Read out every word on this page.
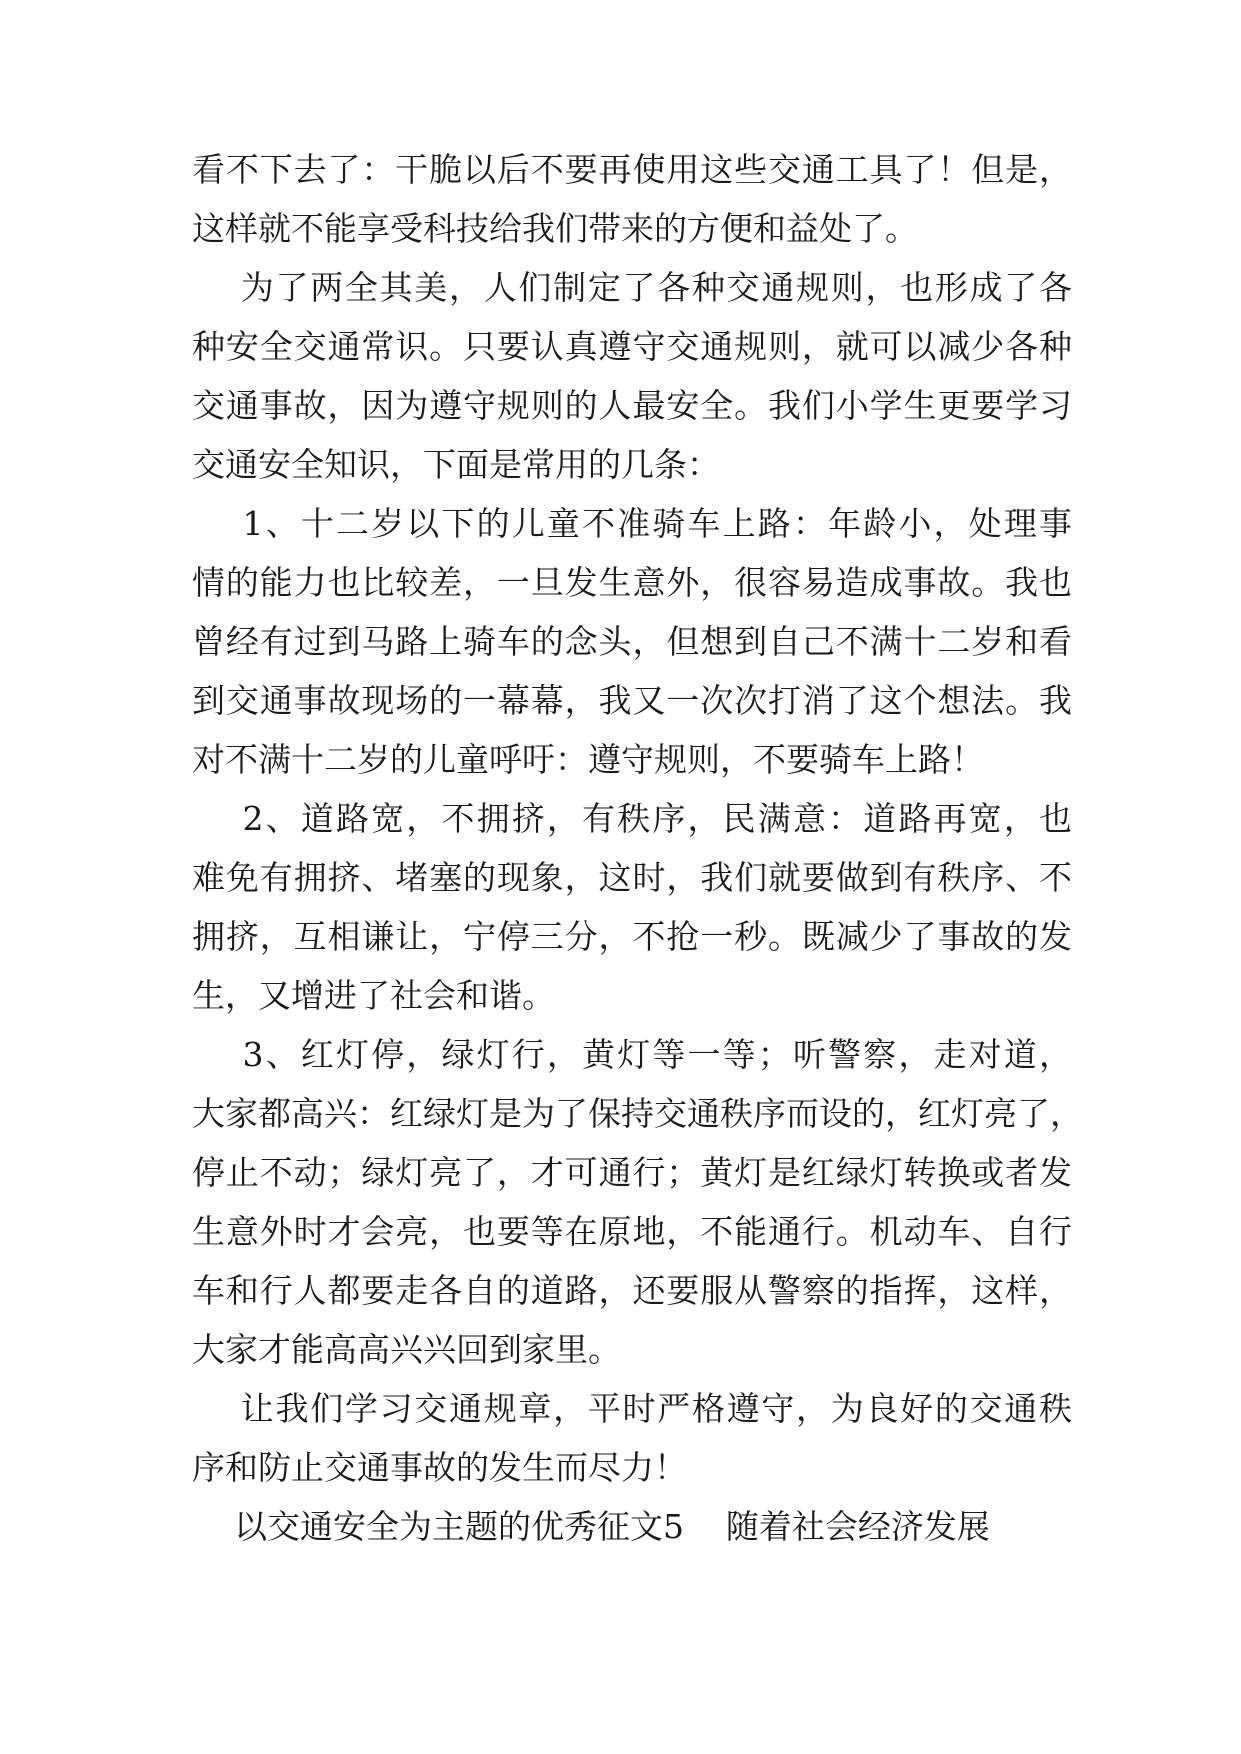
看不下去了：干脆以后不要再使用这些交通工具了！但是，
这样就不能享受科技给我们带来的方便和益处了。
为了两全其美，人们制定了各种交通规则，也形成了各
种安全交通常识。只要认真遵守交通规则，就可以减少各种
交通事故，因为遵守规则的人最安全。我们小学生更要学习
交通安全知识，下面是常用的几条：
1、十二岁以下的儿童不准骑车上路：年龄小，处理事
情的能力也比较差，一旦发生意外，很容易造成事故。我也
曾经有过到马路上骑车的念头，但想到自己不满十二岁和看
到交通事故现场的一幕幕，我又一次次打消了这个想法。我
对不满十二岁的儿童呼吁：遵守规则，不要骑车上路！
2、道路宽，不拥挤，有秩序，民满意：道路再宽，也
难免有拥挤、堵塞的现象，这时，我们就要做到有秩序、不
拥挤，互相谦让，宁停三分，不抢一秒。既减少了事故的发
生，又增进了社会和谐。
3、红灯停，绿灯行，黄灯等一等；听警察，走对道，
大家都高兴：红绿灯是为了保持交通秩序而设的，红灯亮了，
停止不动；绿灯亮了，才可通行；黄灯是红绿灯转换或者发
生意外时才会亮，也要等在原地，不能通行。机动车、自行
车和行人都要走各自的道路，还要服从警察的指挥，这样，
大家才能高高兴兴回到家里。
让我们学习交通规章，平时严格遵守，为良好的交通秩
序和防止交通事故的发生而尽力！
以交通安全为主题的优秀征文5    随着社会经济发展
